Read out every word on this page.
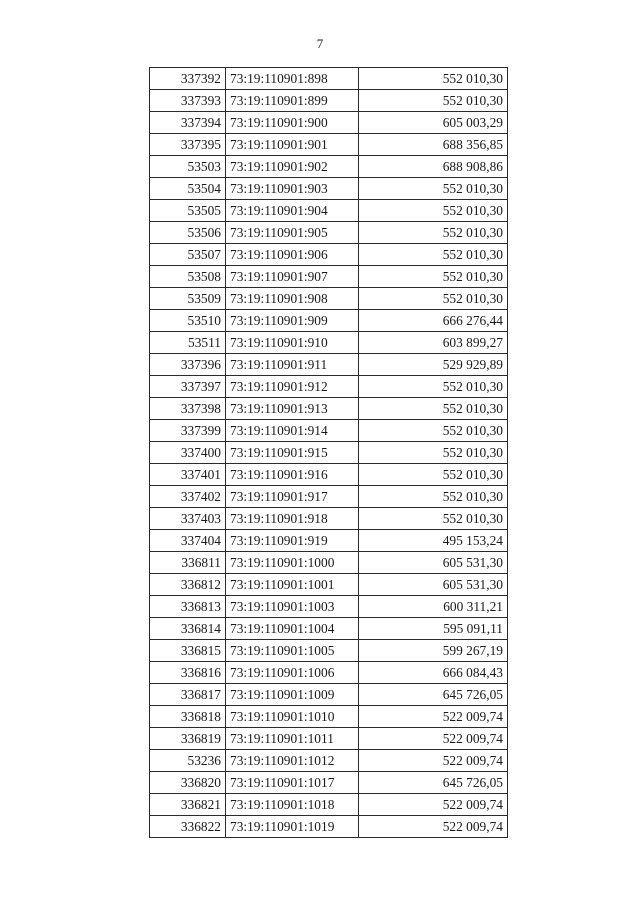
7
337392	73:19:110901:898	552 010,30
337393	73:19:110901:899	552 010,30
337394	73:19:110901:900	605 003,29
337395	73:19:110901:901	688 356,85
53503	73:19:110901:902	688 908,86
53504	73:19:110901:903	552 010,30
53505	73:19:110901:904	552 010,30
53506	73:19:110901:905	552 010,30
53507	73:19:110901:906	552 010,30
53508	73:19:110901:907	552 010,30
53509	73:19:110901:908	552 010,30
53510	73:19:110901:909	666 276,44
53511	73:19:110901:910	603 899,27
337396	73:19:110901:911	529 929,89
337397	73:19:110901:912	552 010,30
337398	73:19:110901:913	552 010,30
337399	73:19:110901:914	552 010,30
337400	73:19:110901:915	552 010,30
337401	73:19:110901:916	552 010,30
337402	73:19:110901:917	552 010,30
337403	73:19:110901:918	552 010,30
337404	73:19:110901:919	495 153,24
336811	73:19:110901:1000	605 531,30
336812	73:19:110901:1001	605 531,30
336813	73:19:110901:1003	600 311,21
336814	73:19:110901:1004	595 091,11
336815	73:19:110901:1005	599 267,19
336816	73:19:110901:1006	666 084,43
336817	73:19:110901:1009	645 726,05
336818	73:19:110901:1010	522 009,74
336819	73:19:110901:1011	522 009,74
53236	73:19:110901:1012	522 009,74
336820	73:19:110901:1017	645 726,05
336821	73:19:110901:1018	522 009,74
336822	73:19:110901:1019	522 009,74
